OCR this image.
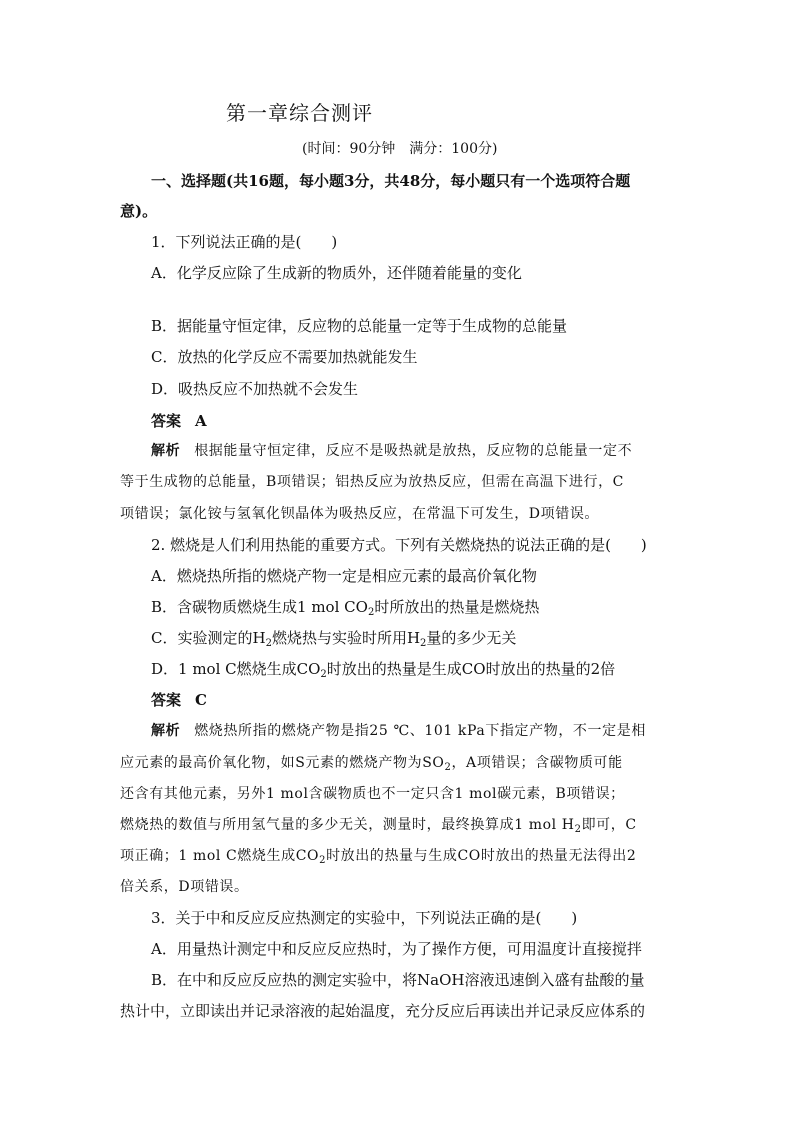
第一章综合测评
(时间：90分钟　满分：100分)
一、选择题(共16题，每小题3分，共48分，每小题只有一个选项符合题
意)。
1．下列说法正确的是(　　)
A．化学反应除了生成新的物质外，还伴随着能量的变化
B．据能量守恒定律，反应物的总能量一定等于生成物的总能量
C．放热的化学反应不需要加热就能发生
D．吸热反应不加热就不会发生
答案 A
解析 根据能量守恒定律，反应不是吸热就是放热，反应物的总能量一定不
等于生成物的总能量，B项错误；铝热反应为放热反应，但需在高温下进行，C
项错误；氯化铵与氢氧化钡晶体为吸热反应，在常温下可发生，D项错误。
2. 燃烧是人们利用热能的重要方式。下列有关燃烧热的说法正确的是(　　)
A．燃烧热所指的燃烧产物一定是相应元素的最高价氧化物
B．含碳物质燃烧生成1 mol $CO_2$时所放出的热量是燃烧热
C．实验测定的$H_2$燃烧热与实验时所用$H_2$量的多少无关
D．1 mol C燃烧生成$CO_2$时放出的热量是生成CO时放出的热量的2倍
答案 C
解析 燃烧热所指的燃烧产物是指25 ℃、101 kPa下指定产物，不一定是相
应元素的最高价氧化物，如S元素的燃烧产物为$SO_2$，A项错误；含碳物质可能
还含有其他元素，另外1 mol含碳物质也不一定只含1 mol碳元素，B项错误；
燃烧热的数值与所用氢气量的多少无关，测量时，最终换算成1 mol $H_2$即可，C
项正确；1 mol C燃烧生成$CO_2$时放出的热量与生成CO时放出的热量无法得出2
倍关系，D项错误。
3．关于中和反应反应热测定的实验中，下列说法正确的是(　　)
A．用量热计测定中和反应反应热时，为了操作方便，可用温度计直接搅拌
B．在中和反应反应热的测定实验中，将NaOH溶液迅速倒入盛有盐酸的量
热计中，立即读出并记录溶液的起始温度，充分反应后再读出并记录反应体系的
